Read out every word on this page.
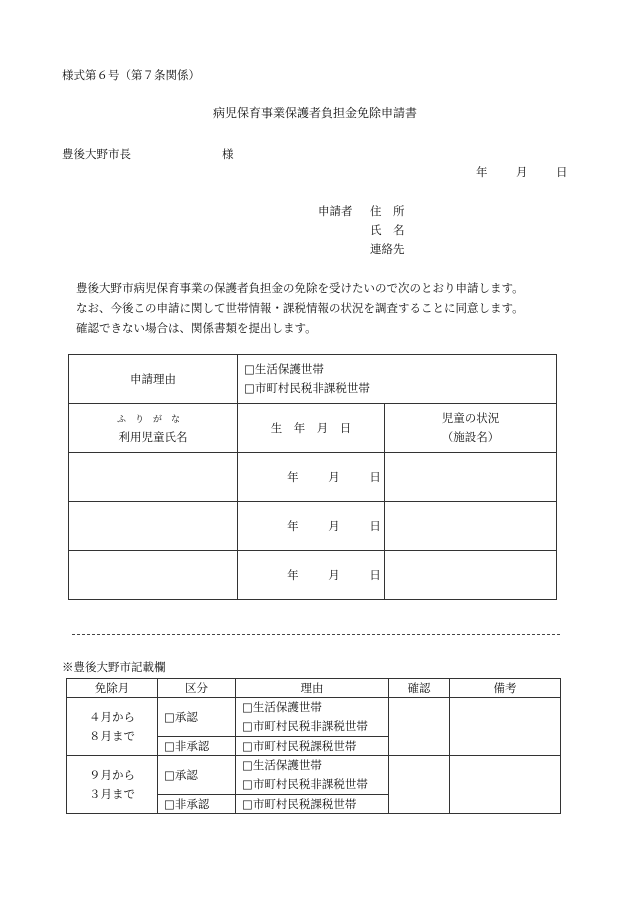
様式第６号（第７条関係）
病児保育事業保護者負担金免除申請書
豊後大野市長	様
年 月 日
申請者 住　所
氏　名
連絡先
豊後大野市病児保育事業の保護者負担金の免除を受けたいので次のとおり申請します。
なお、今後この申請に関して世帯情報・課税情報の状況を調査することに同意します。
確認できない場合は、関係書類を提出します。
申請理由	□生活保護世帯
□市町村民税非課税世帯	

ふりがな
利用児童氏名	生　年　月　日	児童の状況
（施設名）

	年 月 日	
	年 月 日	
	年 月 日	
※豊後大野市記載欄
免除月	区分	理由	確認	備考

４月から
８月まで	□承認	□生活保護世帯
□市町村民税非課税世帯		

	□非承認	□市町村民税課税世帯		

９月から
３月まで	□承認	□生活保護世帯
□市町村民税非課税世帯		

	□非承認	□市町村民税課税世帯		
